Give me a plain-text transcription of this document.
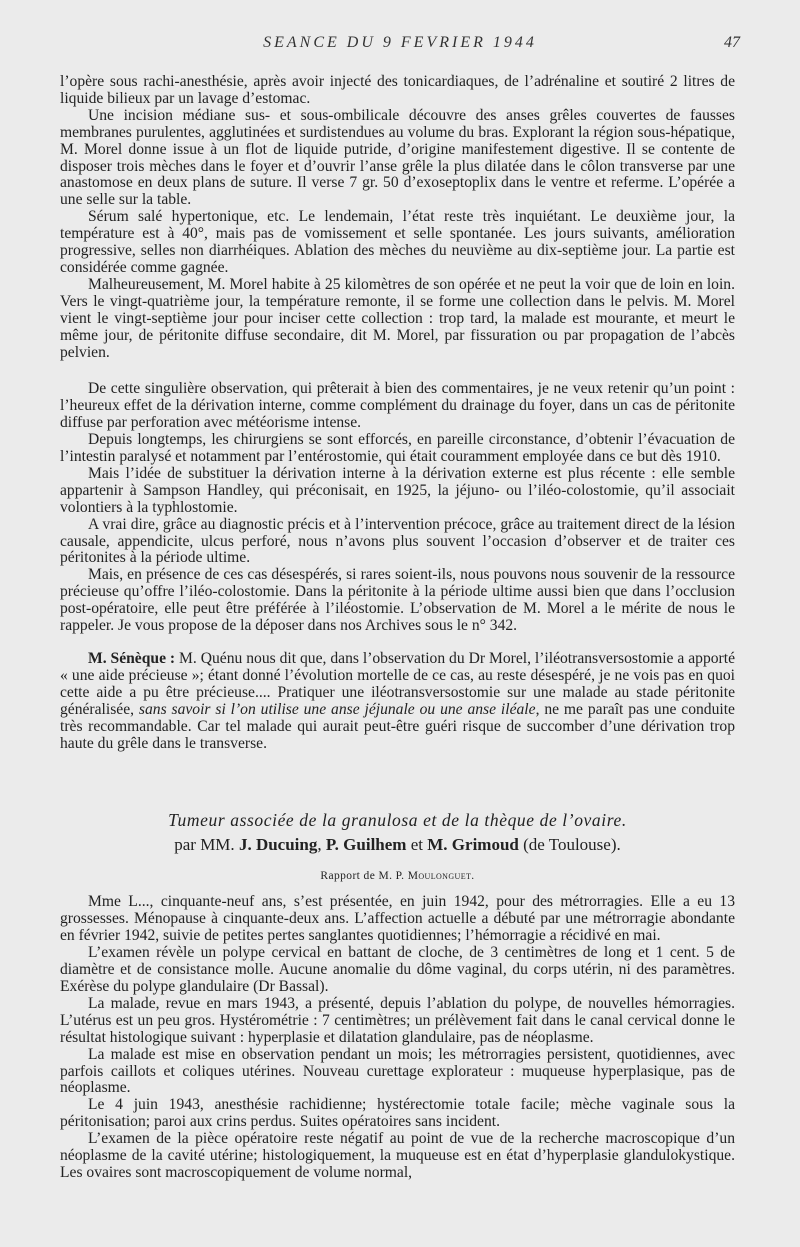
SEANCE DU 9 FEVRIER 1944	47

l’opère sous rachi-anesthésie, après avoir injecté des tonicardiaques, de l’adrénaline et soutiré 2 litres de liquide bilieux par un lavage d’estomac.

Une incision médiane sus- et sous-ombilicale découvre des anses grêles couvertes de fausses membranes purulentes, agglutinées et surdistendues au volume du bras. Explorant la région sous-hépatique, M. Morel donne issue à un flot de liquide putride, d’origine manifestement digestive. Il se contente de disposer trois mèches dans le foyer et d’ouvrir l’anse grêle la plus dilatée dans le côlon transverse par une anastomose en deux plans de suture. Il verse 7 gr. 50 d’exoseptoplix dans le ventre et referme. L’opérée a une selle sur la table.

Sérum salé hypertonique, etc. Le lendemain, l’état reste très inquiétant. Le deuxième jour, la température est à 40°, mais pas de vomissement et selle spontanée. Les jours suivants, amélioration progressive, selles non diarrhéiques. Ablation des mèches du neuvième au dix-septième jour. La partie est considérée comme gagnée.

Malheureusement, M. Morel habite à 25 kilomètres de son opérée et ne peut la voir que de loin en loin. Vers le vingt-quatrième jour, la température remonte, il se forme une collection dans le pelvis. M. Morel vient le vingt-septième jour pour inciser cette collection : trop tard, la malade est mourante, et meurt le même jour, de péritonite diffuse secondaire, dit M. Morel, par fissuration ou par propagation de l’abcès pelvien.

De cette singulière observation, qui prêterait à bien des commentaires, je ne veux retenir qu’un point : l’heureux effet de la dérivation interne, comme complément du drainage du foyer, dans un cas de péritonite diffuse par perforation avec météorisme intense.

Depuis longtemps, les chirurgiens se sont efforcés, en pareille circonstance, d’obtenir l’évacuation de l’intestin paralysé et notamment par l’entérostomie, qui était couramment employée dans ce but dès 1910.

Mais l’idée de substituer la dérivation interne à la dérivation externe est plus récente : elle semble appartenir à Sampson Handley, qui préconisait, en 1925, la jéjuno- ou l’iléo-colostomie, qu’il associait volontiers à la typhlostomie.

A vrai dire, grâce au diagnostic précis et à l’intervention précoce, grâce au traitement direct de la lésion causale, appendicite, ulcus perforé, nous n’avons plus souvent l’occasion d’observer et de traiter ces péritonites à la période ultime.

Mais, en présence de ces cas désespérés, si rares soient-ils, nous pouvons nous souvenir de la ressource précieuse qu’offre l’iléo-colostomie. Dans la péritonite à la période ultime aussi bien que dans l’occlusion post-opératoire, elle peut être préférée à l’iléostomie. L’observation de M. Morel a le mérite de nous le rappeler. Je vous propose de la déposer dans nos Archives sous le n° 342.

M. Sénèque : M. Quénu nous dit que, dans l’observation du Dr Morel, l’iléotransversostomie a apporté « une aide précieuse »; étant donné l’évolution mortelle de ce cas, au reste désespéré, je ne vois pas en quoi cette aide a pu être précieuse.... Pratiquer une iléotransversostomie sur une malade au stade péritonite généralisée, sans savoir si l’on utilise une anse jéjunale ou une anse iléale, ne me paraît pas une conduite très recommandable. Car tel malade qui aurait peut-être guéri risque de succomber d’une dérivation trop haute du grêle dans le transverse.

Tumeur associée de la granulosa et de la thèque de l’ovaire.
par MM. J. Ducuing, P. Guilhem et M. Grimoud (de Toulouse).
Rapport de M. P. Moulonguet.

Mme L..., cinquante-neuf ans, s’est présentée, en juin 1942, pour des métrorragies. Elle a eu 13 grossesses. Ménopause à cinquante-deux ans. L’affection actuelle a débuté par une métrorragie abondante en février 1942, suivie de petites pertes sanglantes quotidiennes; l’hémorragie a récidivé en mai.

L’examen révèle un polype cervical en battant de cloche, de 3 centimètres de long et 1 cent. 5 de diamètre et de consistance molle. Aucune anomalie du dôme vaginal, du corps utérin, ni des paramètres. Exérèse du polype glandulaire (Dr Bassal).

La malade, revue en mars 1943, a présenté, depuis l’ablation du polype, de nouvelles hémorragies. L’utérus est un peu gros. Hystérométrie : 7 centimètres; un prélèvement fait dans le canal cervical donne le résultat histologique suivant : hyperplasie et dilatation glandulaire, pas de néoplasme.

La malade est mise en observation pendant un mois; les métrorragies persistent, quotidiennes, avec parfois caillots et coliques utérines. Nouveau curettage explorateur : muqueuse hyperplasique, pas de néoplasme.

Le 4 juin 1943, anesthésie rachidienne; hystérectomie totale facile; mèche vaginale sous la péritonisation; paroi aux crins perdus. Suites opératoires sans incident.

L’examen de la pièce opératoire reste négatif au point de vue de la recherche macroscopique d’un néoplasme de la cavité utérine; histologiquement, la muqueuse est en état d’hyperplasie glandulokystique. Les ovaires sont macroscopiquement de volume normal,
